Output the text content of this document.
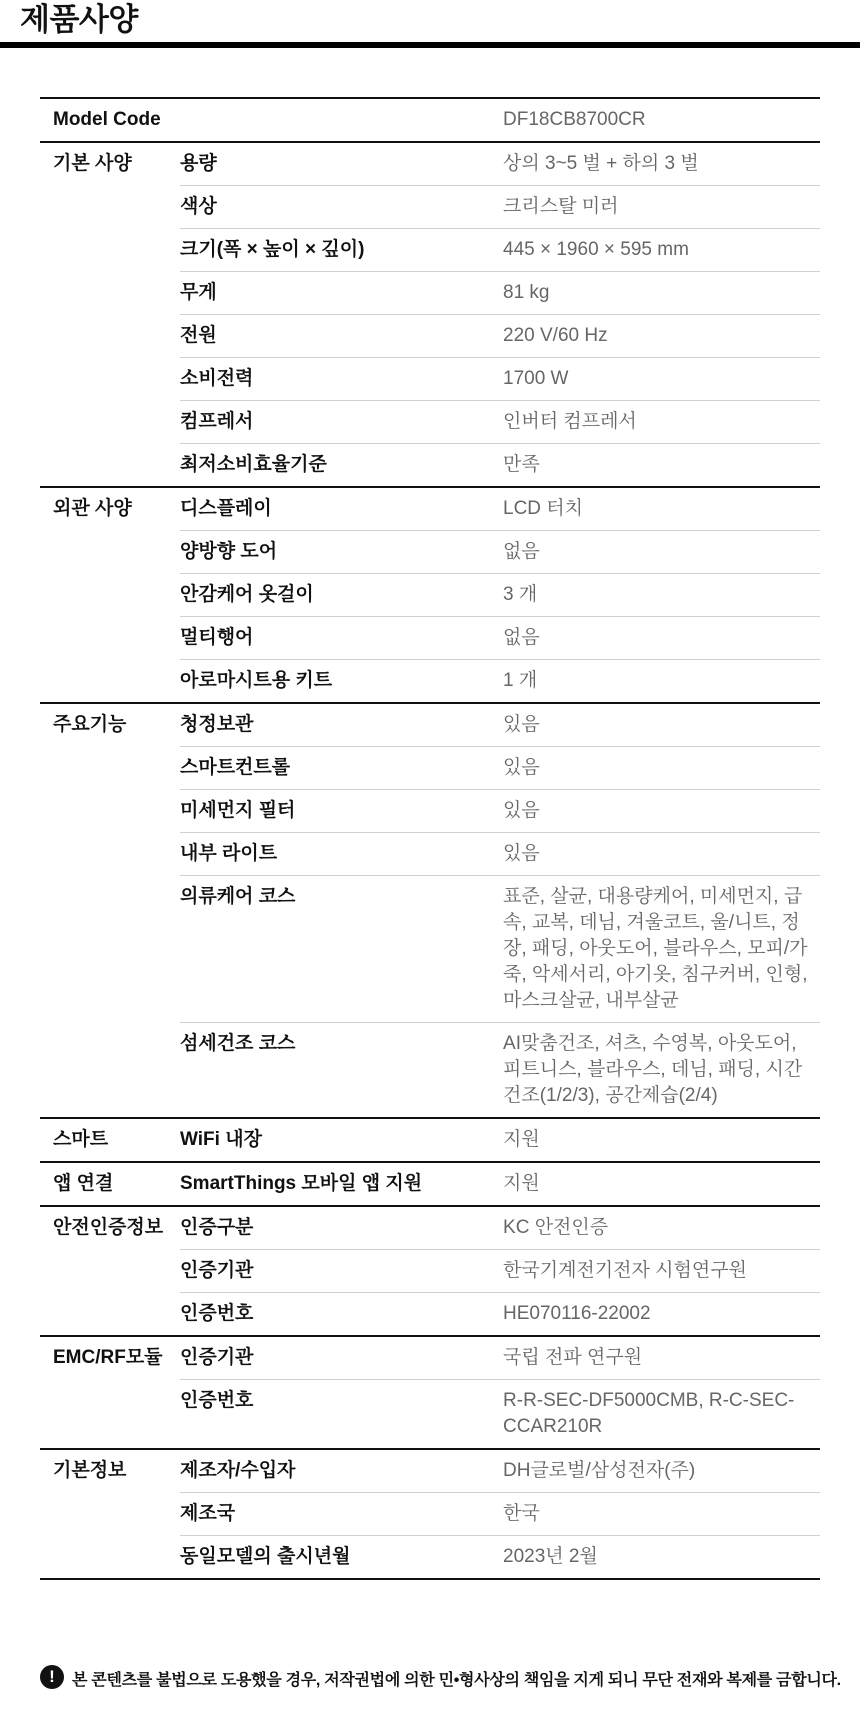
제품사양
Model Code		DF18CB8700CR
기본 사양	용량	상의 3~5 벌 + 하의 3 벌
	색상	크리스탈 미러
	크기(폭 × 높이 × 깊이)	445 × 1960 × 595 mm
	무게	81 kg
	전원	220 V/60 Hz
	소비전력	1700 W
	컴프레서	인버터 컴프레서
	최저소비효율기준	만족
외관 사양	디스플레이	LCD 터치
	양방향 도어	없음
	안감케어 옷걸이	3 개
	멀티행어	없음
	아로마시트용 키트	1 개
주요기능	청정보관	있음
	스마트컨트롤	있음
	미세먼지 필터	있음
	내부 라이트	있음
	의류케어 코스	표준, 살균, 대용량케어, 미세먼지, 급속, 교복, 데님, 겨울코트, 울/니트, 정장, 패딩, 아웃도어, 블라우스, 모피/가죽, 악세서리, 아기옷, 침구커버, 인형, 마스크살균, 내부살균
	섬세건조 코스	AI맞춤건조, 셔츠, 수영복, 아웃도어, 피트니스, 블라우스, 데님, 패딩, 시간건조(1/2/3), 공간제습(2/4)
스마트	WiFi 내장	지원
앱 연결	SmartThings 모바일 앱 지원	지원
안전인증정보	인증구분	KC 안전인증
	인증기관	한국기계전기전자 시험연구원
	인증번호	HE070116-22002
EMC/RF모듈	인증기관	국립 전파 연구원
	인증번호	R-R-SEC-DF5000CMB, R-C-SEC-CCAR210R
기본정보	제조자/수입자	DH글로벌/삼성전자(주)
	제조국	한국
	동일모델의 출시년월	2023년 2월
!	본 콘텐츠를 불법으로 도용했을 경우, 저작권법에 의한 민•형사상의 책임을 지게 되니 무단 전재와 복제를 금합니다.
